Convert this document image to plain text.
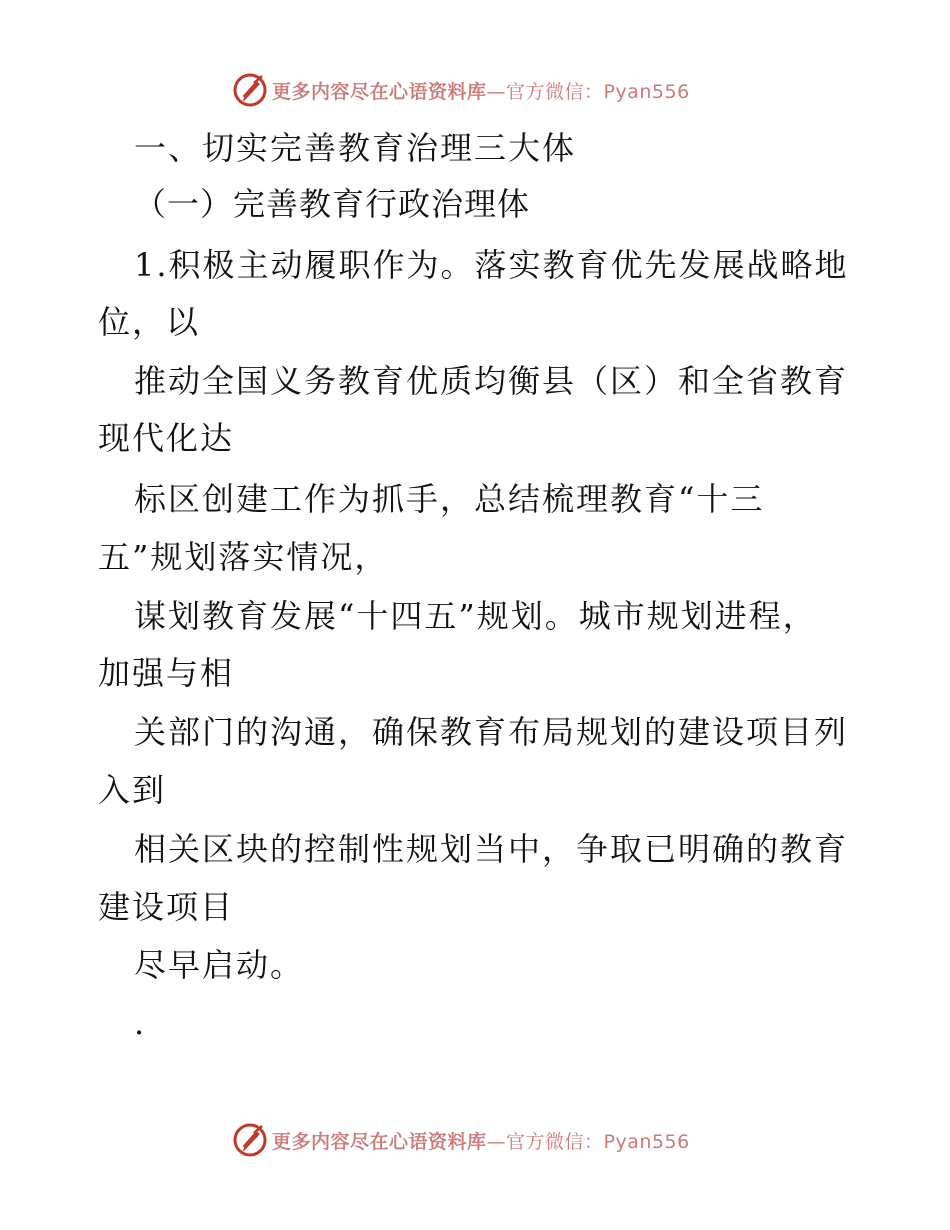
更多内容尽在心语资料库 —官方微信：Pyan556
一、切实完善教育治理三大体
（一）完善教育行政治理体
1.积极主动履职作为。落实教育优先发展战略地
位，以
推动全国义务教育优质均衡县（区）和全省教育
现代化达
标区创建工作为抓手，总结梳理教育“十三
五”规划落实情况，
谋划教育发展“十四五”规划。城市规划进程，
加强与相
关部门的沟通，确保教育布局规划的建设项目列
入到
相关区块的控制性规划当中，争取已明确的教育
建设项目
尽早启动。
.
更多内容尽在心语资料库 —官方微信：Pyan556
